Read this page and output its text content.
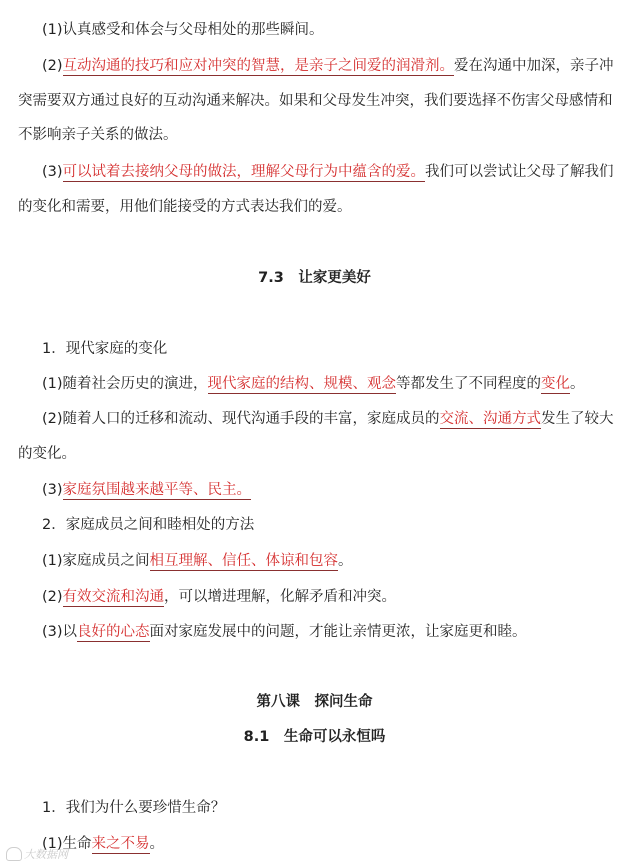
(1)认真感受和体会与父母相处的那些瞬间。
(2)互动沟通的技巧和应对冲突的智慧，是亲子之间爱的润滑剂。爱在沟通中加深，亲子冲
突需要双方通过良好的互动沟通来解决。如果和父母发生冲突，我们要选择不伤害父母感情和
不影响亲子关系的做法。
(3)可以试着去接纳父母的做法，理解父母行为中蕴含的爱。我们可以尝试让父母了解我们
的变化和需要，用他们能接受的方式表达我们的爱。
7.3　让家更美好
1．现代家庭的变化
(1)随着社会历史的演进，现代家庭的结构、规模、观念等都发生了不同程度的变化。
(2)随着人口的迁移和流动、现代沟通手段的丰富，家庭成员的交流、沟通方式发生了较大
的变化。
(3)家庭氛围越来越平等、民主。
2．家庭成员之间和睦相处的方法
(1)家庭成员之间相互理解、信任、体谅和包容。
(2)有效交流和沟通，可以增进理解，化解矛盾和冲突。
(3)以良好的心态面对家庭发展中的问题，才能让亲情更浓，让家庭更和睦。
第八课　探问生命
8.1　生命可以永恒吗
1．我们为什么要珍惜生命？
(1)生命来之不易。
大数据网
